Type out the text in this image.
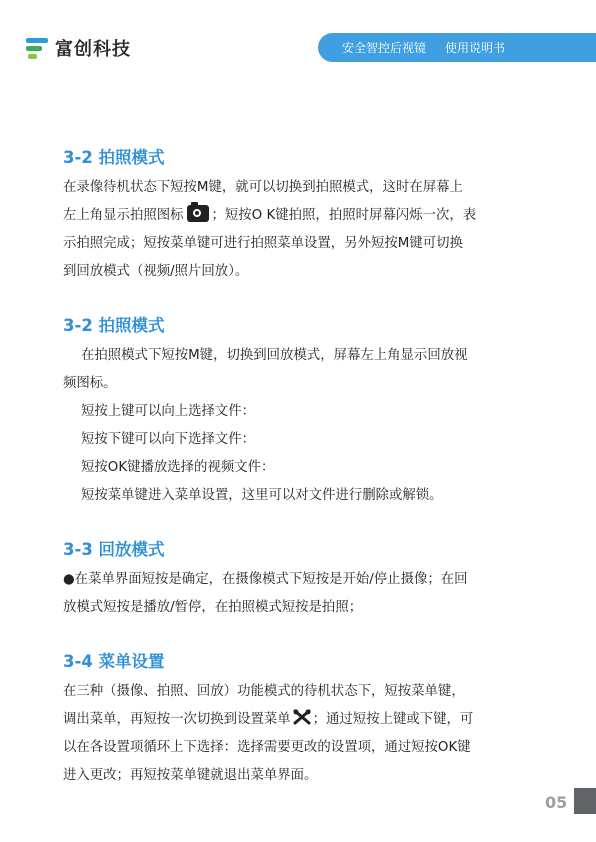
富创科技	安全智控后视镜 使用说明书
3-2 拍照模式
在录像待机状态下短按M键，就可以切换到拍照模式，这时在屏幕上
左上角显示拍照图标 ；短按O K键拍照，拍照时屏幕闪烁一次，表
示拍照完成；短按菜单键可进行拍照菜单设置，另外短按M键可切换
到回放模式（视频/照片回放）。
3-2 拍照模式
在拍照模式下短按M键，切换到回放模式，屏幕左上角显示回放视
频图标。
短按上键可以向上选择文件：
短按下键可以向下选择文件：
短按OK键播放选择的视频文件：
短按菜单键进入菜单设置，这里可以对文件进行删除或解锁。
3-3 回放模式
●在菜单界面短按是确定，在摄像模式下短按是开始/停止摄像；在回
放模式短按是播放/暂停，在拍照模式短按是拍照；
3-4 菜单设置
在三种（摄像、拍照、回放）功能模式的待机状态下，短按菜单键，
调出菜单，再短按一次切换到设置菜单 ；通过短按上键或下键，可
以在各设置项循环上下选择：选择需要更改的设置项，通过短按OK键
进入更改；再短按菜单键就退出菜单界面。
05
